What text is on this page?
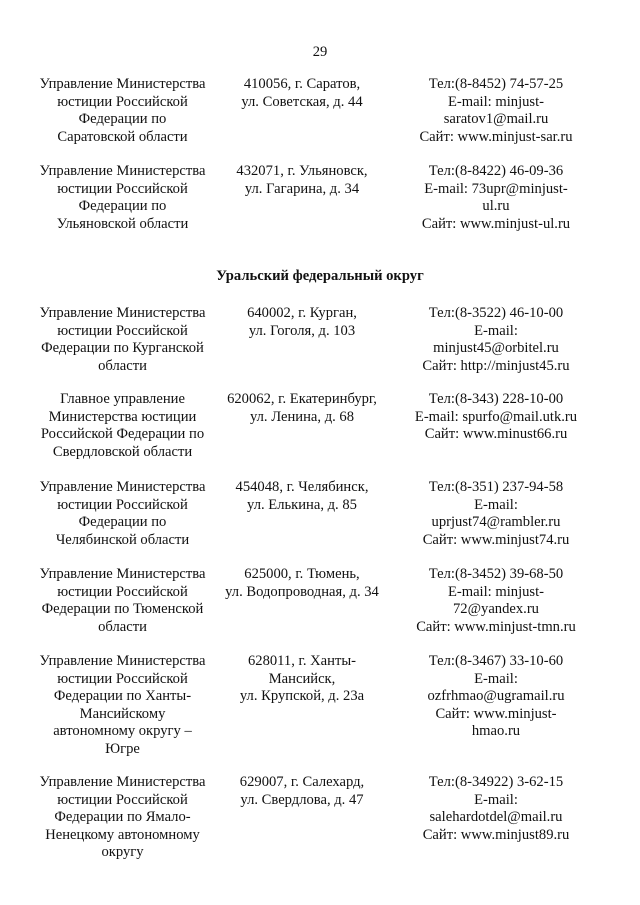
29
Управление Министерства
юстиции Российской
Федерации по
Саратовской области
410056, г. Саратов,
ул. Советская, д. 44
Тел:(8-8452) 74-57-25
E-mail: minjust-
saratov1@mail.ru
Сайт: www.minjust-sar.ru
Управление Министерства
юстиции Российской
Федерации по
Ульяновской области
432071, г. Ульяновск,
ул. Гагарина, д. 34
Тел:(8-8422) 46-09-36
E-mail: 73upr@minjust-
ul.ru
Сайт: www.minjust-ul.ru
Уральский федеральный округ
Управление Министерства
юстиции Российской
Федерации по Курганской
области
640002, г. Курган,
ул. Гоголя, д. 103
Тел:(8-3522) 46-10-00
E-mail:
minjust45@orbitel.ru
Сайт: http://minjust45.ru
Главное управление
Министерства юстиции
Российской Федерации по
Свердловской области
620062, г. Екатеринбург,
ул. Ленина, д. 68
Тел:(8-343) 228-10-00
E-mail: spurfo@mail.utk.ru
Сайт: www.minust66.ru
Управление Министерства
юстиции Российской
Федерации по
Челябинской области
454048, г. Челябинск,
ул. Елькина, д. 85
Тел:(8-351) 237-94-58
E-mail:
uprjust74@rambler.ru
Сайт: www.minjust74.ru
Управление Министерства
юстиции Российской
Федерации по Тюменской
области
625000, г. Тюмень,
ул. Водопроводная, д. 34
Тел:(8-3452) 39-68-50
E-mail: minjust-
72@yandex.ru
Сайт: www.minjust-tmn.ru
Управление Министерства
юстиции Российской
Федерации по Ханты-
Мансийскому
автономному округу –
Югре
628011, г. Ханты-
Мансийск,
ул. Крупской, д. 23а
Тел:(8-3467) 33-10-60
E-mail:
ozfrhmao@ugramail.ru
Сайт: www.minjust-
hmao.ru
Управление Министерства
юстиции Российской
Федерации по Ямало-
Ненецкому автономному
округу
629007, г. Салехард,
ул. Свердлова, д. 47
Тел:(8-34922) 3-62-15
E-mail:
salehardotdel@mail.ru
Сайт: www.minjust89.ru
